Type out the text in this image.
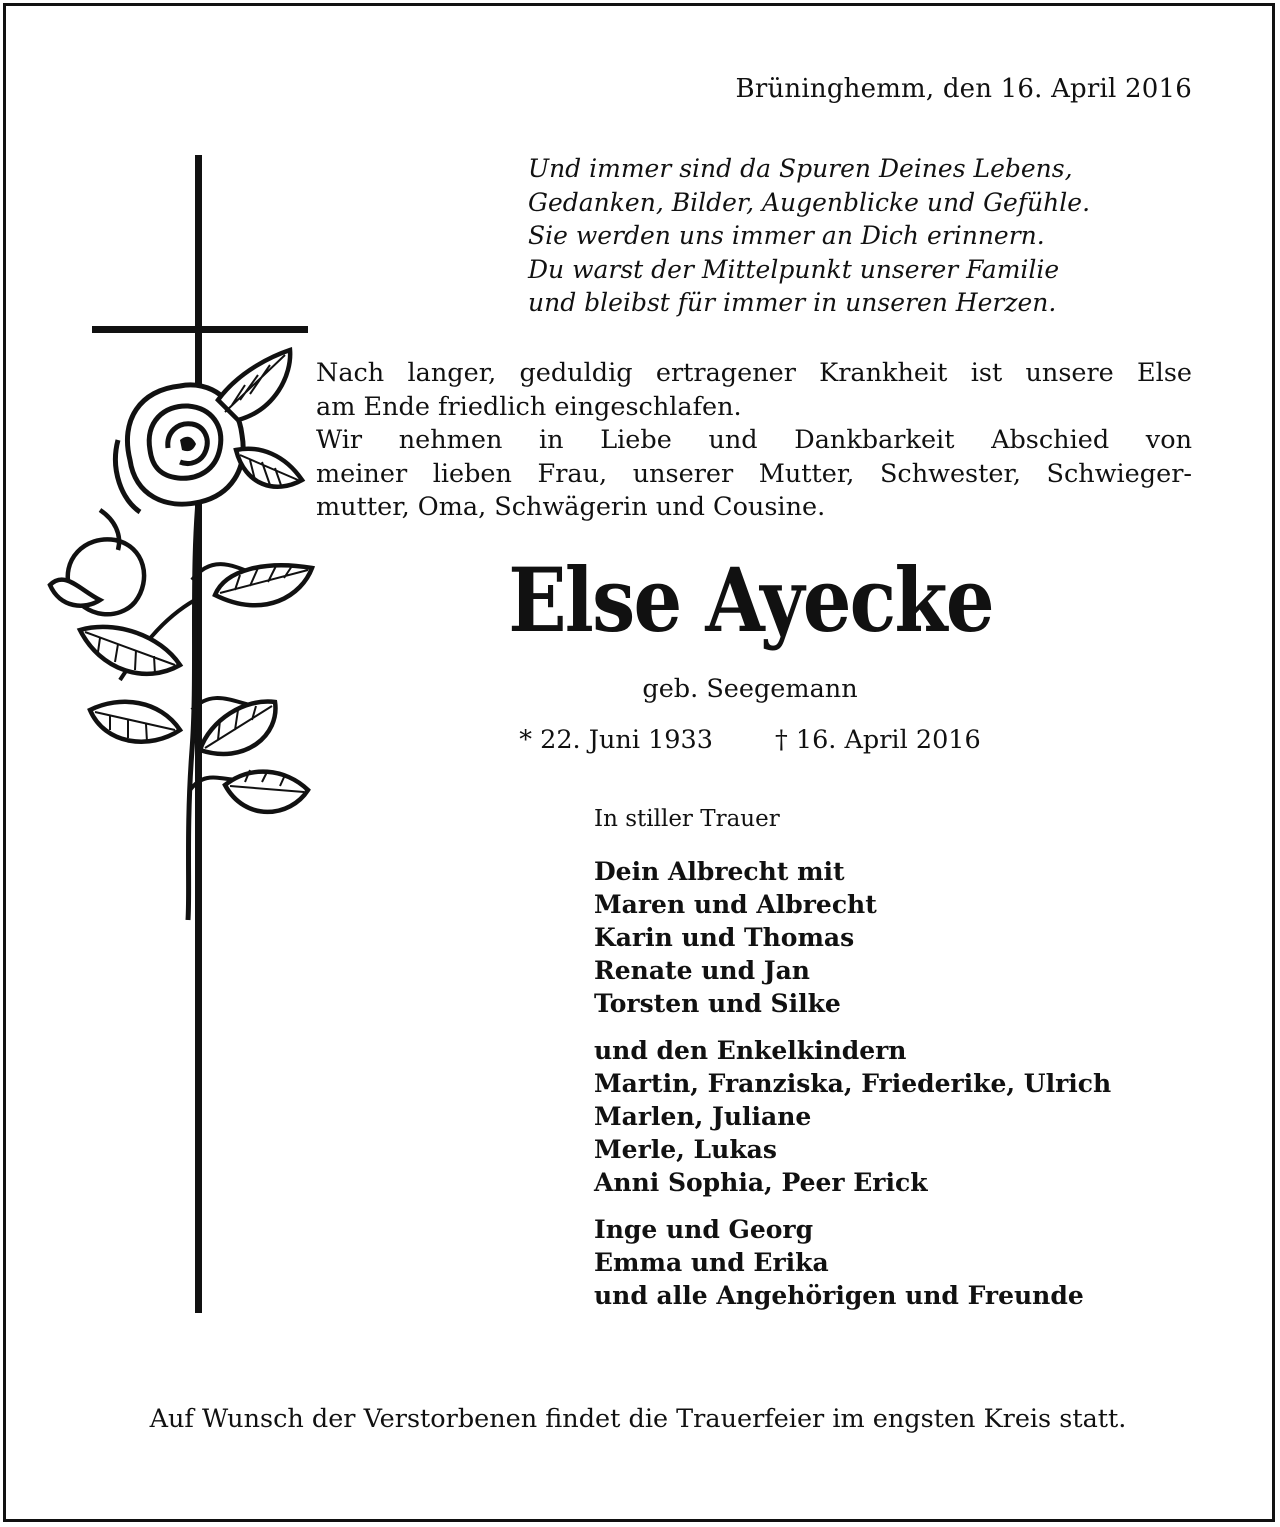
Brüninghemm, den 16. April 2016
Und immer sind da Spuren Deines Lebens,
Gedanken, Bilder, Augenblicke und Gefühle.
Sie werden uns immer an Dich erinnern.
Du warst der Mittelpunkt unserer Familie
und bleibst für immer in unseren Herzen.
Nach langer, geduldig ertragener Krankheit ist unsere Else
am Ende friedlich eingeschlafen.
Wir nehmen in Liebe und Dankbarkeit Abschied von
meiner lieben Frau, unserer Mutter, Schwester, Schwieger-
mutter, Oma, Schwägerin und Cousine.
Else Ayecke
geb. Seegemann
* 22. Juni 1933 † 16. April 2016
In stiller Trauer
Dein Albrecht mit
Maren und Albrecht
Karin und Thomas
Renate und Jan
Torsten und Silke
und den Enkelkindern
Martin, Franziska, Friederike, Ulrich
Marlen, Juliane
Merle, Lukas
Anni Sophia, Peer Erick
Inge und Georg
Emma und Erika
und alle Angehörigen und Freunde
Auf Wunsch der Verstorbenen findet die Trauerfeier im engsten Kreis statt.
